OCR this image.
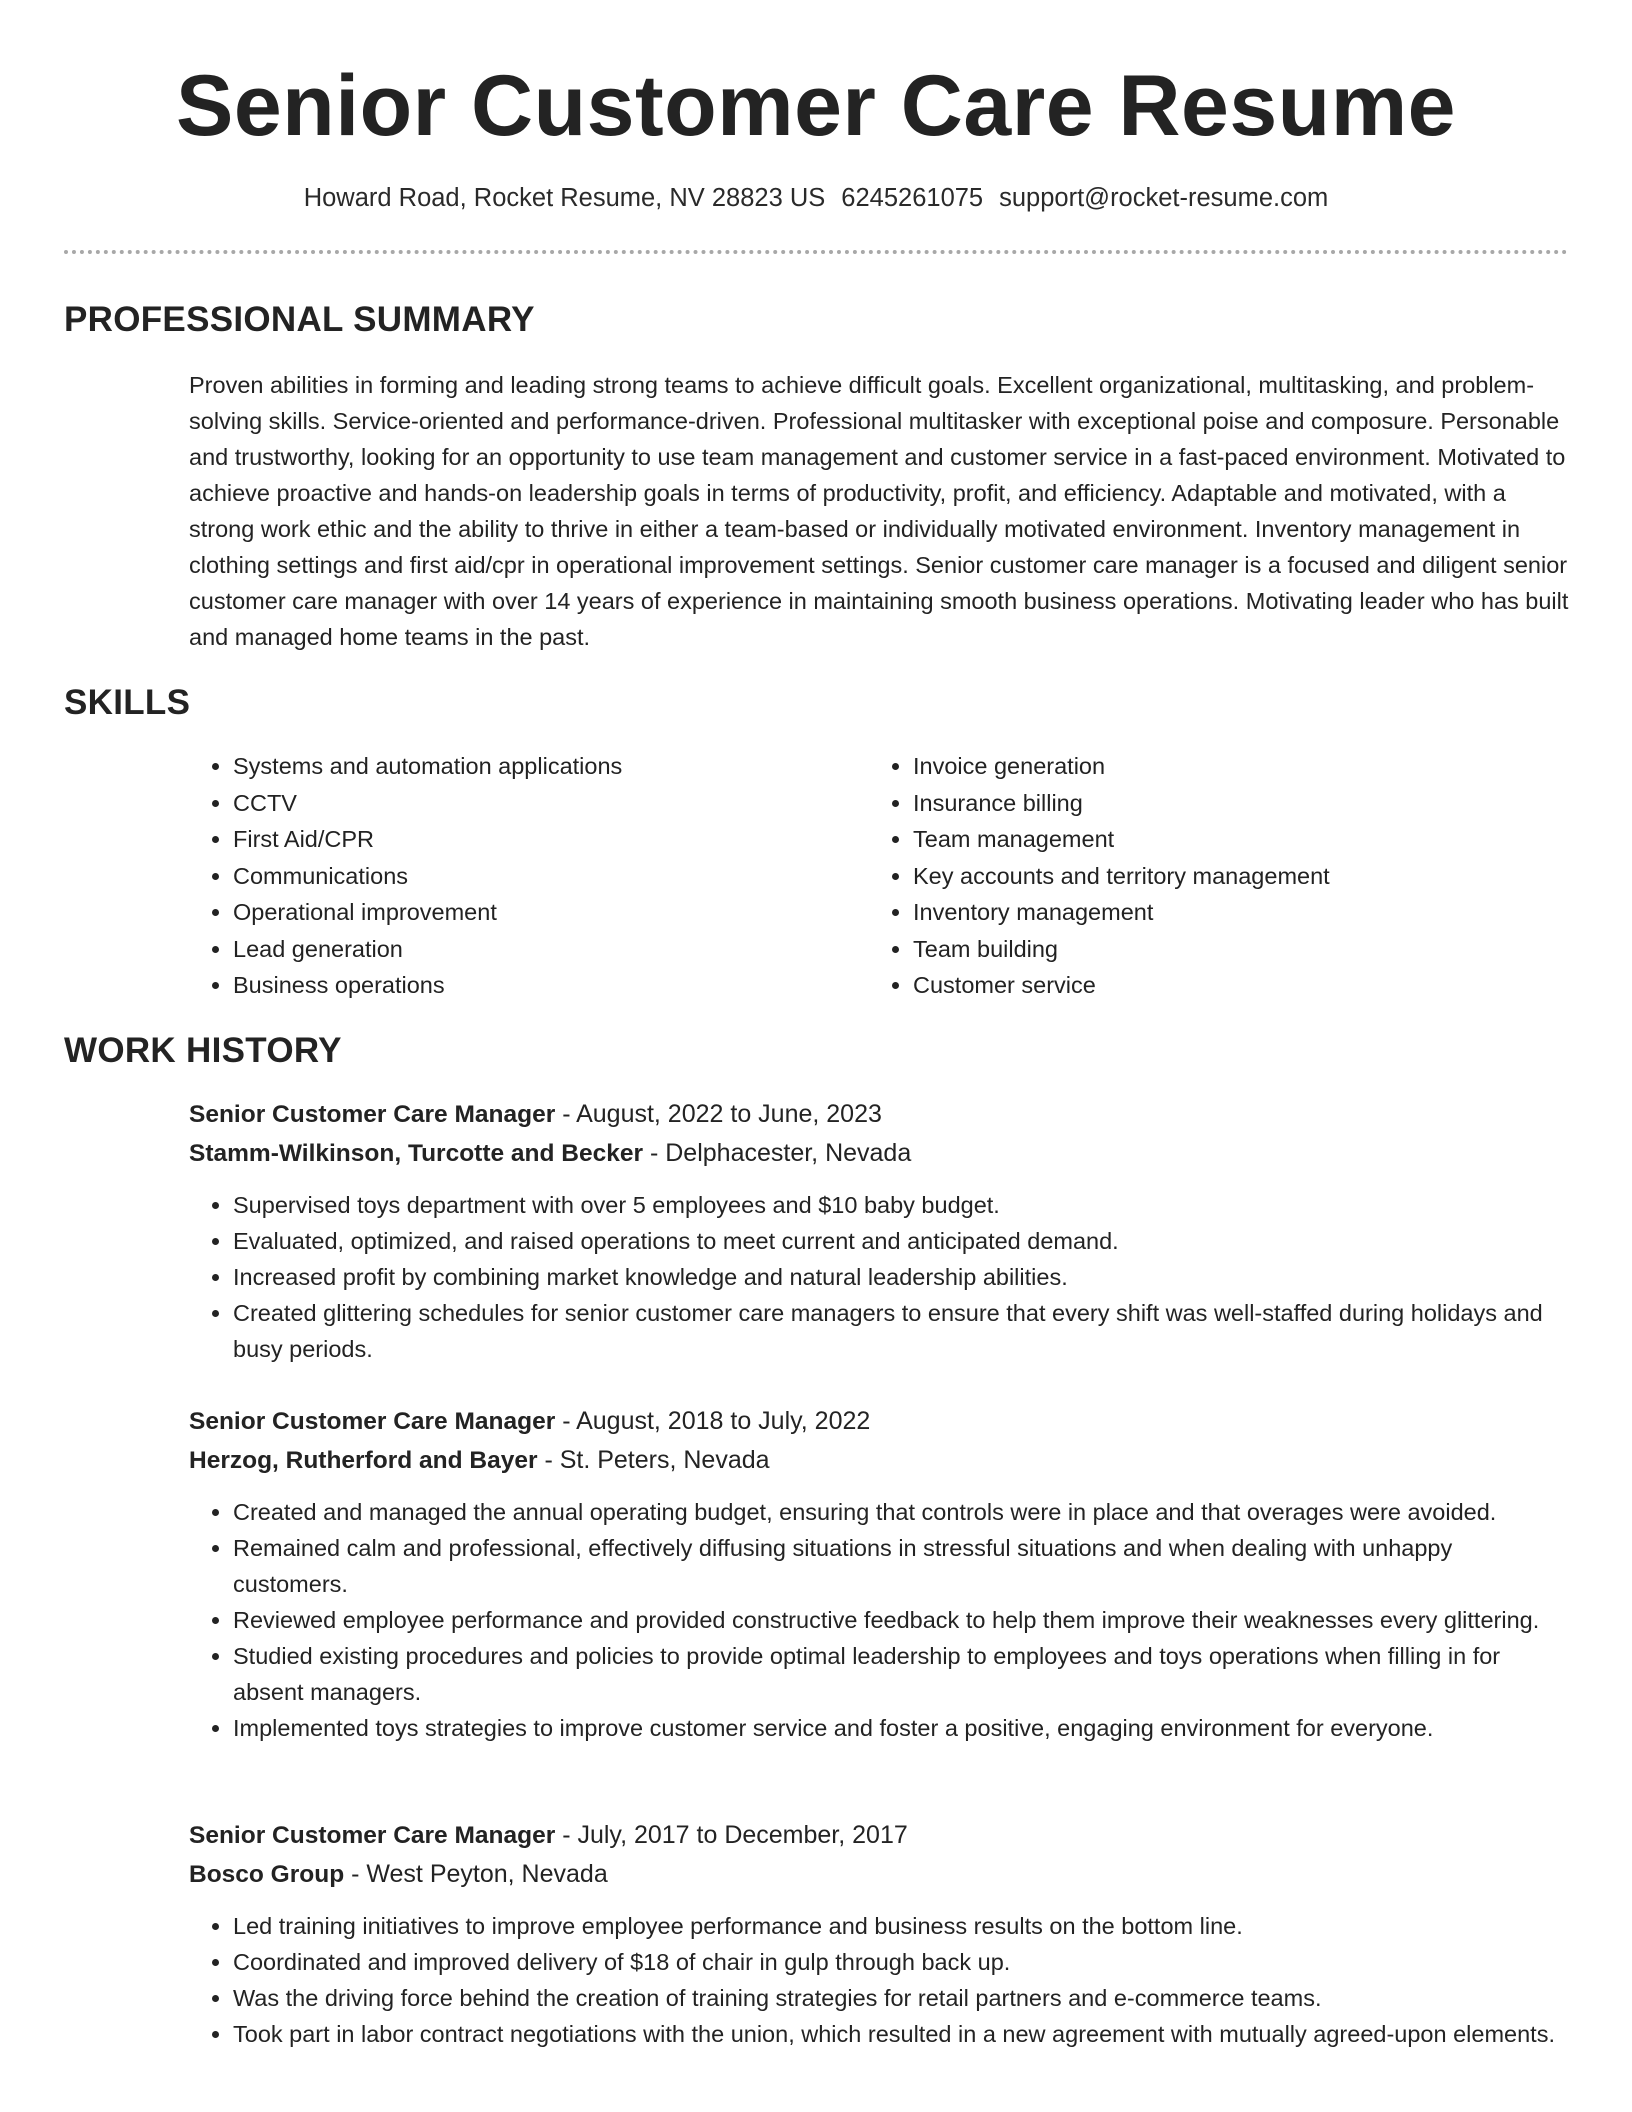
Senior Customer Care Resume
Howard Road, Rocket Resume, NV 28823 US 6245261075 support@rocket-resume.com
PROFESSIONAL SUMMARY

Proven abilities in forming and leading strong teams to achieve difficult goals. Excellent organizational, multitasking, and problem-solving skills. Service-oriented and performance-driven. Professional multitasker with exceptional poise and composure. Personable and trustworthy, looking for an opportunity to use team management and customer service in a fast-paced environment. Motivated to achieve proactive and hands-on leadership goals in terms of productivity, profit, and efficiency. Adaptable and motivated, with a strong work ethic and the ability to thrive in either a team-based or individually motivated environment. Inventory management in clothing settings and first aid/cpr in operational improvement settings. Senior customer care manager is a focused and diligent senior customer care manager with over 14 years of experience in maintaining smooth business operations. Motivating leader who has built and managed home teams in the past.

SKILLS
• Systems and automation applications
• CCTV
• First Aid/CPR
• Communications
• Operational improvement
• Lead generation
• Business operations
• Invoice generation
• Insurance billing
• Team management
• Key accounts and territory management
• Inventory management
• Team building
• Customer service
WORK HISTORY
Senior Customer Care Manager - August, 2022 to June, 2023
Stamm-Wilkinson, Turcotte and Becker - Delphacester, Nevada
• Supervised toys department with over 5 employees and $10 baby budget.
• Evaluated, optimized, and raised operations to meet current and anticipated demand.
• Increased profit by combining market knowledge and natural leadership abilities.
• Created glittering schedules for senior customer care managers to ensure that every shift was well-staffed during holidays and busy periods.
Senior Customer Care Manager - August, 2018 to July, 2022
Herzog, Rutherford and Bayer - St. Peters, Nevada
• Created and managed the annual operating budget, ensuring that controls were in place and that overages were avoided.
• Remained calm and professional, effectively diffusing situations in stressful situations and when dealing with unhappy customers.
• Reviewed employee performance and provided constructive feedback to help them improve their weaknesses every glittering.
• Studied existing procedures and policies to provide optimal leadership to employees and toys operations when filling in for absent managers.
• Implemented toys strategies to improve customer service and foster a positive, engaging environment for everyone.
Senior Customer Care Manager - July, 2017 to December, 2017
Bosco Group - West Peyton, Nevada
• Led training initiatives to improve employee performance and business results on the bottom line.
• Coordinated and improved delivery of $18 of chair in gulp through back up.
• Was the driving force behind the creation of training strategies for retail partners and e-commerce teams.
• Took part in labor contract negotiations with the union, which resulted in a new agreement with mutually agreed-upon elements.
